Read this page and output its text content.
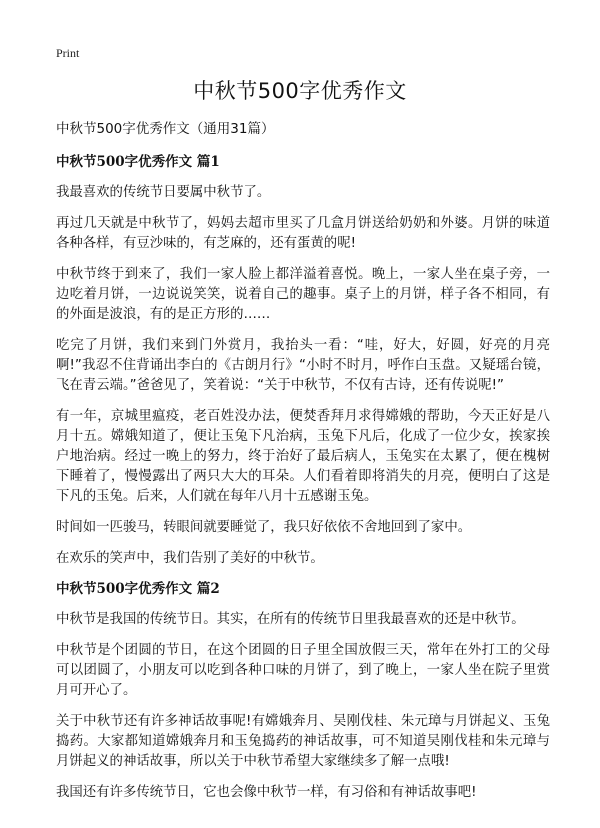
Print
中秋节500字优秀作文
中秋节500字优秀作文（通用31篇）
中秋节500字优秀作文 篇1
我最喜欢的传统节日要属中秋节了。
再过几天就是中秋节了，妈妈去超市里买了几盒月饼送给奶奶和外婆。月饼的味道各种各样，有豆沙味的，有芝麻的，还有蛋黄的呢!
中秋节终于到来了，我们一家人脸上都洋溢着喜悦。晚上，一家人坐在桌子旁，一边吃着月饼，一边说说笑笑，说着自己的趣事。桌子上的月饼，样子各不相同，有的外面是波浪，有的是正方形的……
吃完了月饼，我们来到门外赏月，我抬头一看：“哇，好大，好圆，好亮的月亮啊!”我忍不住背诵出李白的《古朗月行》“小时不时月，呼作白玉盘。又疑瑶台镜，飞在青云端。”爸爸见了，笑着说：“关于中秋节，不仅有古诗，还有传说呢!”
有一年，京城里瘟疫，老百姓没办法，便焚香拜月求得嫦娥的帮助，今天正好是八月十五。嫦娥知道了，便让玉兔下凡治病，玉兔下凡后，化成了一位少女，挨家挨户地治病。经过一晚上的努力，终于治好了最后病人，玉兔实在太累了，便在槐树下睡着了，慢慢露出了两只大大的耳朵。人们看着即将消失的月亮，便明白了这是下凡的玉兔。后来，人们就在每年八月十五感谢玉兔。
时间如一匹骏马，转眼间就要睡觉了，我只好依依不舍地回到了家中。
在欢乐的笑声中，我们告别了美好的中秋节。
中秋节500字优秀作文 篇2
中秋节是我国的传统节日。其实，在所有的传统节日里我最喜欢的还是中秋节。
中秋节是个团圆的节日，在这个团圆的日子里全国放假三天，常年在外打工的父母可以团圆了，小朋友可以吃到各种口味的月饼了，到了晚上，一家人坐在院子里赏月可开心了。
关于中秋节还有许多神话故事呢!有嫦娥奔月、吴刚伐桂、朱元璋与月饼起义、玉兔捣药。大家都知道嫦娥奔月和玉兔捣药的神话故事，可不知道吴刚伐桂和朱元璋与月饼起义的神话故事，所以关于中秋节希望大家继续多了解一点哦!
我国还有许多传统节日，它也会像中秋节一样，有习俗和有神话故事吧!
